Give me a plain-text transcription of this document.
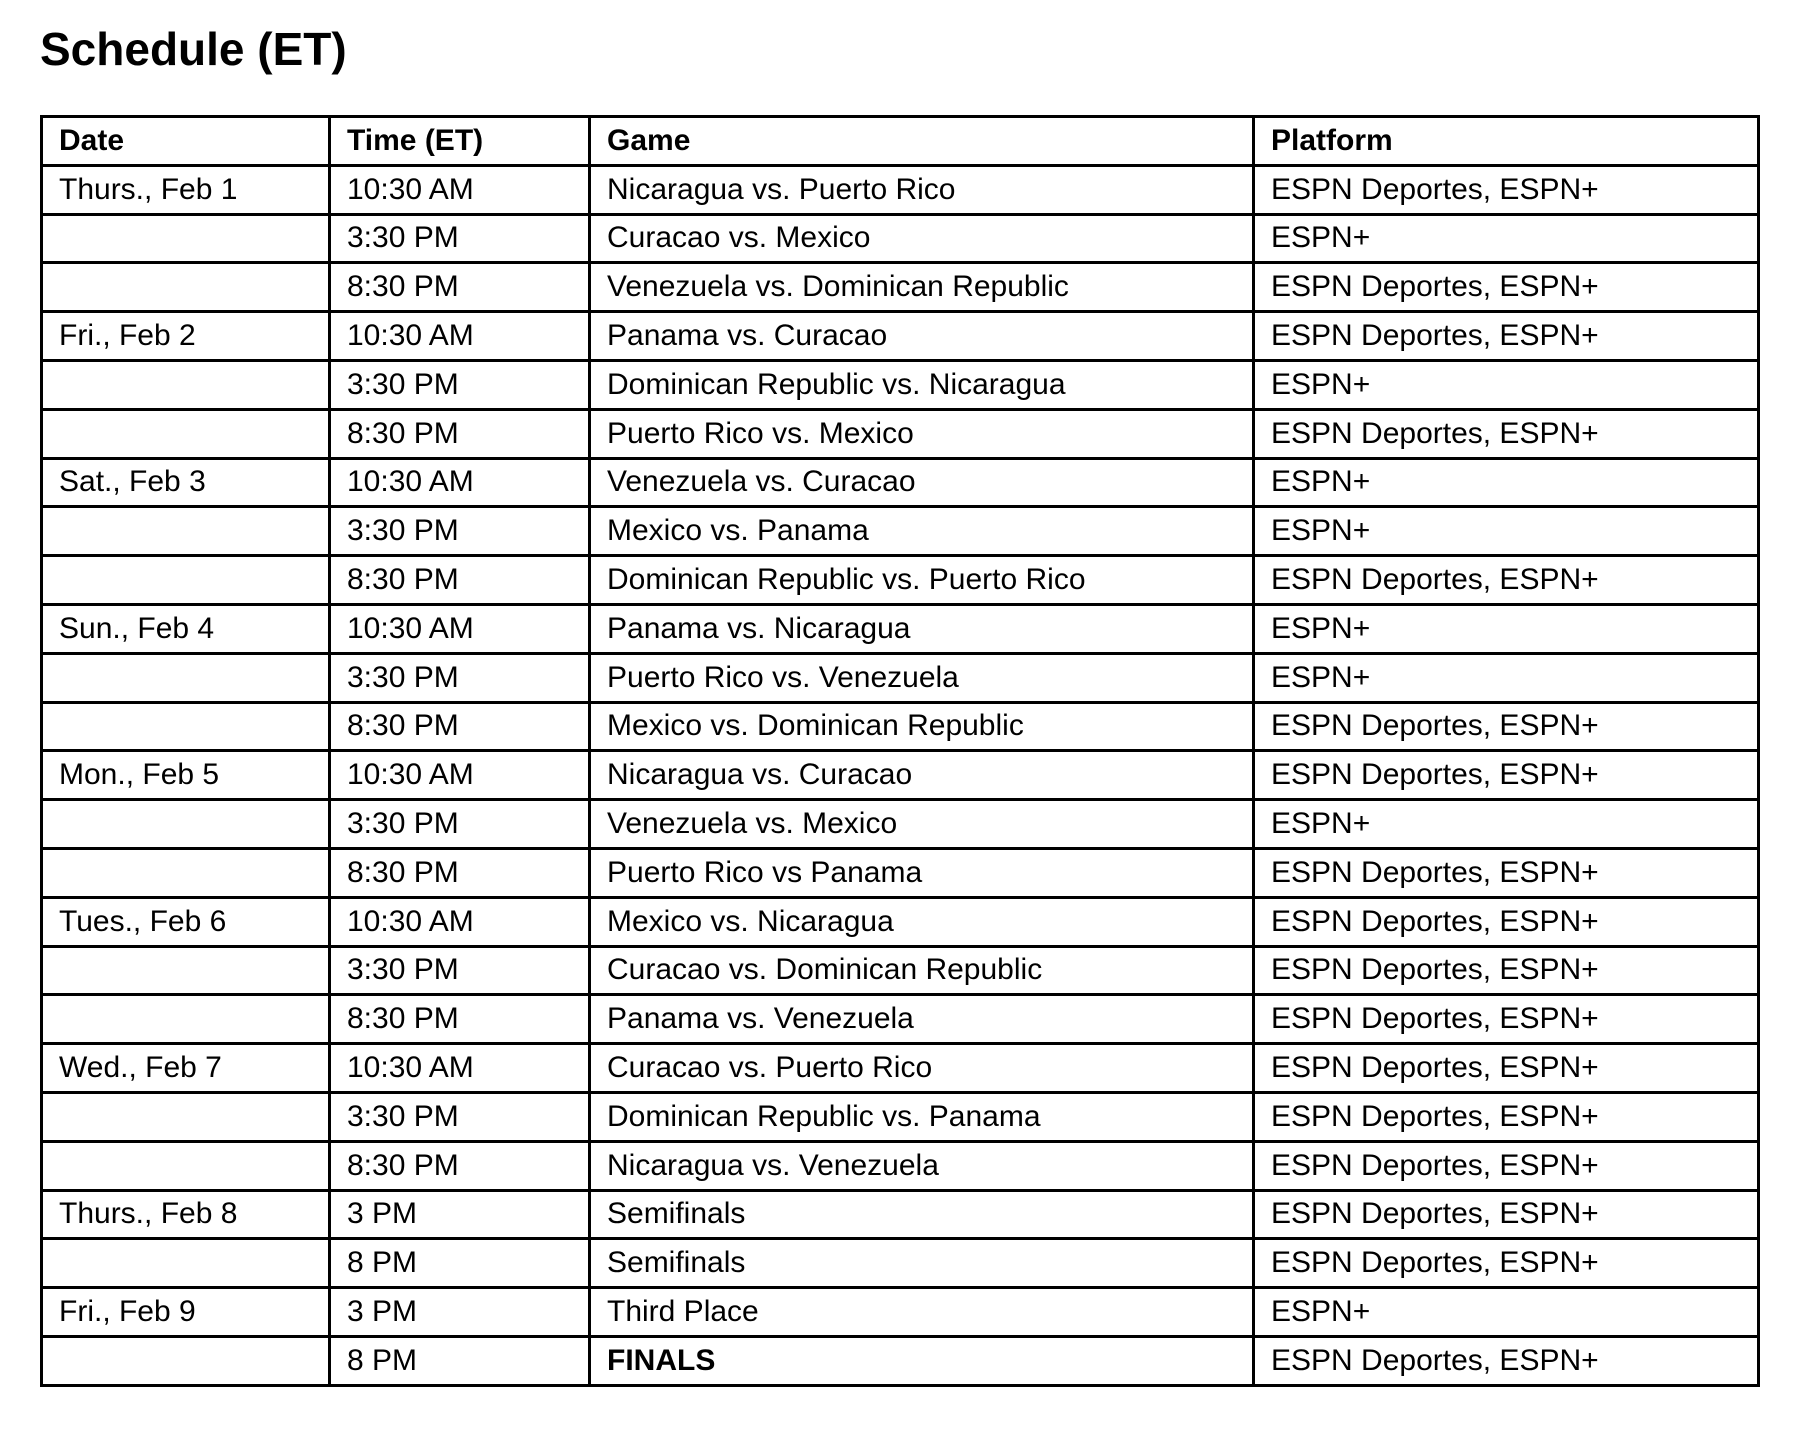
Schedule (ET)
Date	Time (ET)	Game	Platform
Thurs., Feb 1	10:30 AM	Nicaragua vs. Puerto Rico	ESPN Deportes, ESPN+
	3:30 PM	Curacao vs. Mexico	ESPN+
	8:30 PM	Venezuela vs. Dominican Republic	ESPN Deportes, ESPN+
Fri., Feb 2	10:30 AM	Panama vs. Curacao	ESPN Deportes, ESPN+
	3:30 PM	Dominican Republic vs. Nicaragua	ESPN+
	8:30 PM	Puerto Rico vs. Mexico	ESPN Deportes, ESPN+
Sat., Feb 3	10:30 AM	Venezuela vs. Curacao	ESPN+
	3:30 PM	Mexico vs. Panama	ESPN+
	8:30 PM	Dominican Republic vs. Puerto Rico	ESPN Deportes, ESPN+
Sun., Feb 4	10:30 AM	Panama vs. Nicaragua	ESPN+
	3:30 PM	Puerto Rico vs. Venezuela	ESPN+
	8:30 PM	Mexico vs. Dominican Republic	ESPN Deportes, ESPN+
Mon., Feb 5	10:30 AM	Nicaragua vs. Curacao	ESPN Deportes, ESPN+
	3:30 PM	Venezuela vs. Mexico	ESPN+
	8:30 PM	Puerto Rico vs Panama	ESPN Deportes, ESPN+
Tues., Feb 6	10:30 AM	Mexico vs. Nicaragua	ESPN Deportes, ESPN+
	3:30 PM	Curacao vs. Dominican Republic	ESPN Deportes, ESPN+
	8:30 PM	Panama vs. Venezuela	ESPN Deportes, ESPN+
Wed., Feb 7	10:30 AM	Curacao vs. Puerto Rico	ESPN Deportes, ESPN+
	3:30 PM	Dominican Republic vs. Panama	ESPN Deportes, ESPN+
	8:30 PM	Nicaragua vs. Venezuela	ESPN Deportes, ESPN+
Thurs., Feb 8	3 PM	Semifinals	ESPN Deportes, ESPN+
	8 PM	Semifinals	ESPN Deportes, ESPN+
Fri., Feb 9	3 PM	Third Place	ESPN+
	8 PM	FINALS	ESPN Deportes, ESPN+
